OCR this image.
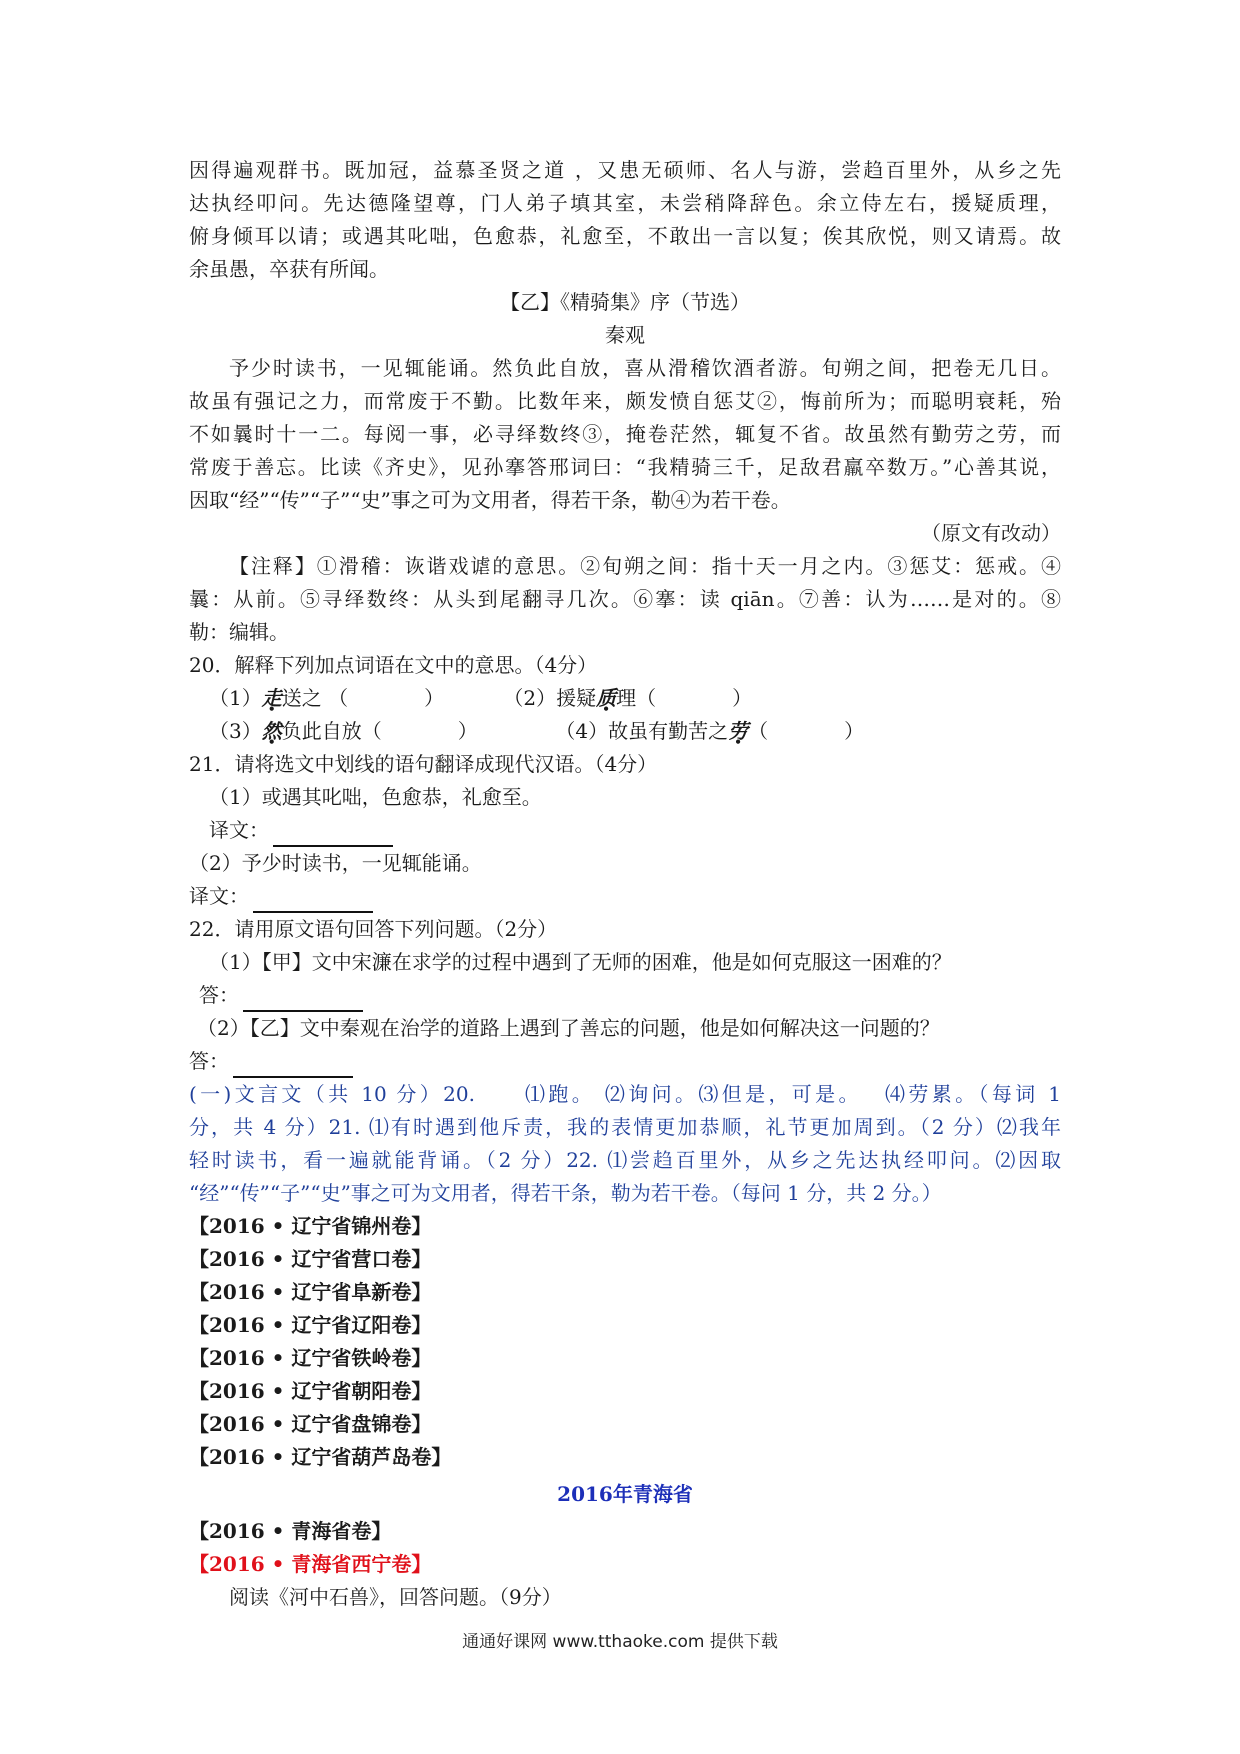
因得遍观群书。既加冠，益慕圣贤之道 ，又患无硕师、名人与游，尝趋百里外，从乡之先
达执经叩问。先达德隆望尊，门人弟子填其室，未尝稍降辞色。余立侍左右，援疑质理，
俯身倾耳以请；或遇其叱咄，色愈恭，礼愈至，不敢出一言以复；俟其欣悦，则又请焉。故
余虽愚，卒获有所闻。
【乙】《精骑集》序（节选）
秦观
予少时读书，一见辄能诵。然负此自放，喜从滑稽饮酒者游。旬朔之间，把卷无几日。
故虽有强记之力，而常废于不勤。比数年来，颇发愤自惩艾②，悔前所为；而聪明衰耗，殆
不如曩时十一二。每阅一事，必寻绎数终③，掩卷茫然，辄复不省。故虽然有勤劳之劳，而
常废于善忘。比读《齐史》，见孙搴答邢词曰：“我精骑三千，足敌君羸卒数万。”心善其说，
因取“经”“传”“子”“史”事之可为文用者，得若干条，勒④为若干卷。
（原文有改动）
【注释】①滑稽：诙谐戏谑的意思。②旬朔之间：指十天一月之内。③惩艾：惩戒。④
曩：从前。⑤寻绎数终：从头到尾翻寻几次。⑥搴：读 qiān。⑦善：认为……是对的。⑧
勒：编辑。
20．解释下列加点词语在文中的意思。（4分）
（1）走送之 （	）	（2）援疑质理（	）
（3）然负此自放（	）	（4）故虽有勤苦之劳（	）
21．请将选文中划线的语句翻译成现代汉语。（4分）
（1）或遇其叱咄，色愈恭，礼愈至。
译文：
（2）予少时读书，一见辄能诵。
译文：
22．请用原文语句回答下列问题。（2分）
（1）【甲】文中宋濂在求学的过程中遇到了无师的困难，他是如何克服这一困难的？
答：
（2）【乙】文中秦观在治学的道路上遇到了善忘的问题，他是如何解决这一问题的？
答：
(一)文言文（共 10 分）20.　　⑴跑。 ⑵询问。⑶但是，可是。　 ⑷劳累。（每词 1
分，共 4 分）21. ⑴有时遇到他斥责，我的表情更加恭顺，礼节更加周到。（2 分）⑵我年
轻时读书，看一遍就能背诵。（2 分）22. ⑴尝趋百里外，从乡之先达执经叩问。⑵因取
“经”“传”“子”“史”事之可为文用者，得若干条，勒为若干卷。（每问 1 分，共 2 分。）
【2016 • 辽宁省锦州卷】
【2016 • 辽宁省营口卷】
【2016 • 辽宁省阜新卷】
【2016 • 辽宁省辽阳卷】
【2016 • 辽宁省铁岭卷】
【2016 • 辽宁省朝阳卷】
【2016 • 辽宁省盘锦卷】
【2016 • 辽宁省葫芦岛卷】
2016年青海省
【2016 • 青海省卷】
【2016 • 青海省西宁卷】
阅读《河中石兽》，回答问题。（9分）
通通好课网 www.tthaoke.com 提供下载
